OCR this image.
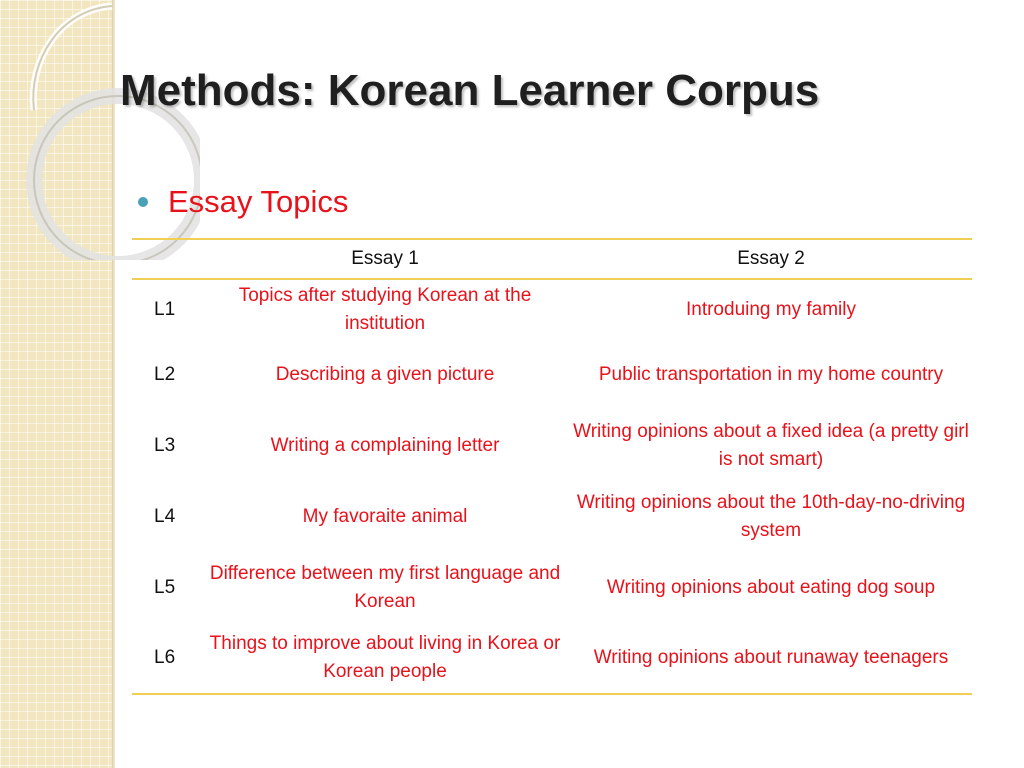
Methods: Korean Learner Corpus
Essay Topics
	Essay 1	Essay 2
L1	Topics after studying Korean at the institution	Introduing my family
L2	Describing a given picture	Public transportation in my home country
L3	Writing a complaining letter	Writing opinions about a fixed idea (a pretty girl is not smart)
L4	My favoraite animal	Writing opinions about the 10th-day-no-driving system
L5	Difference between my first language and Korean	Writing opinions about eating dog soup
L6	Things to improve about living in Korea or Korean people	Writing opinions about runaway teenagers
